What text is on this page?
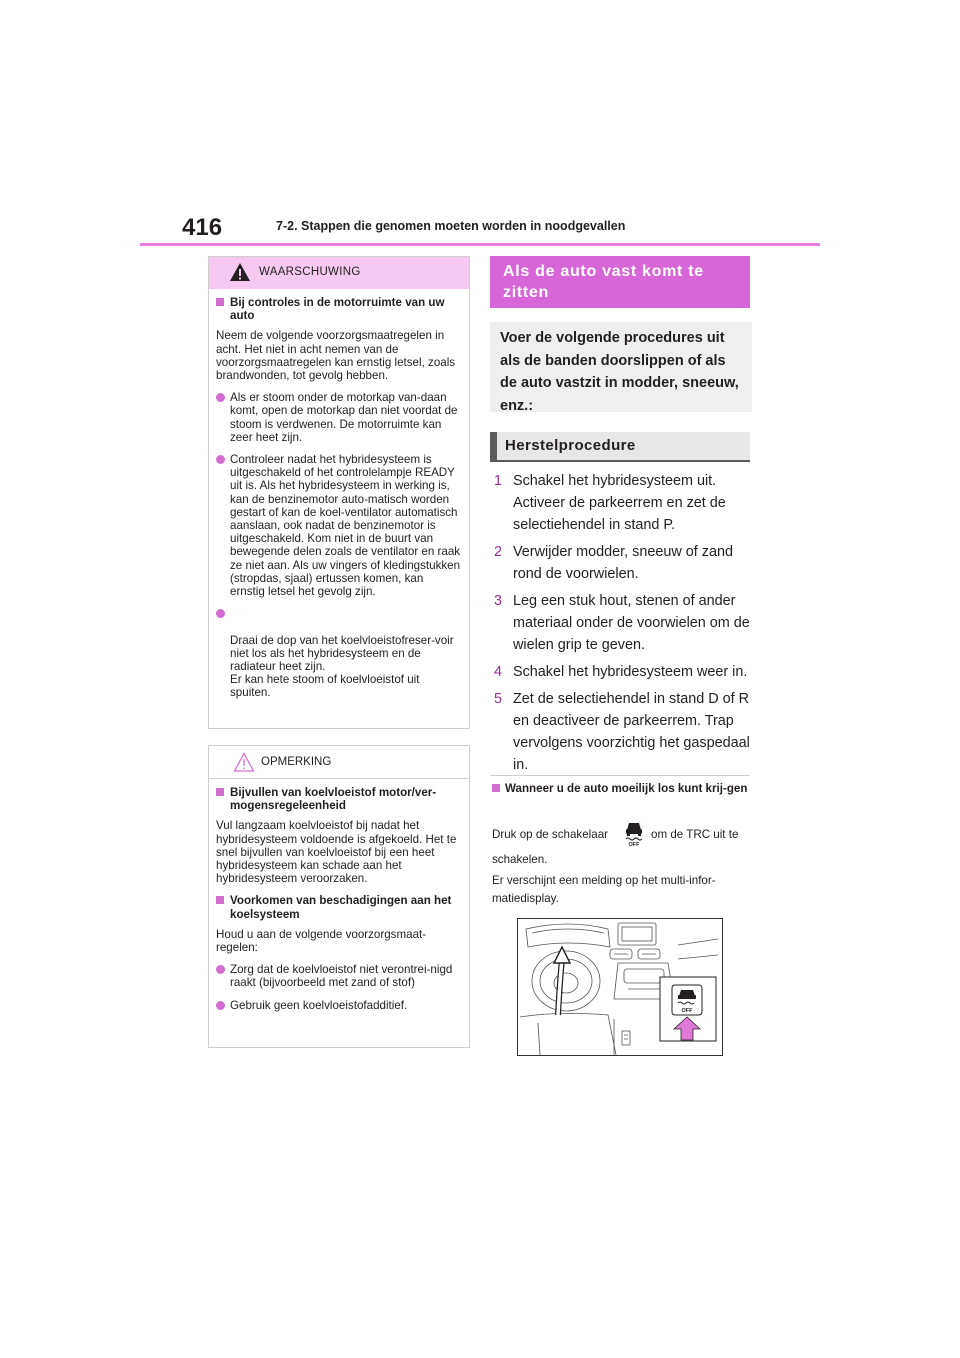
416	7-2. Stappen die genomen moeten worden in noodgevallen
WAARSCHUWING
Bij controles in de motorruimte van uw auto
Neem de volgende voorzorgsmaatregelen in acht. Het niet in acht nemen van de voorzorgsmaatregelen kan ernstig letsel, zoals brandwonden, tot gevolg hebben.
Als er stoom onder de motorkap van-daan komt, open de motorkap dan niet voordat de stoom is verdwenen. De motorruimte kan zeer heet zijn.
Controleer nadat het hybridesysteem is uitgeschakeld of het controlelampje READY uit is. Als het hybridesysteem in werking is, kan de benzinemotor auto-matisch worden gestart of kan de koel-ventilator automatisch aanslaan, ook nadat de benzinemotor is uitgeschakeld. Kom niet in de buurt van bewegende delen zoals de ventilator en raak ze niet aan. Als uw vingers of kledingstukken (stropdas, sjaal) ertussen komen, kan ernstig letsel het gevolg zijn.

Draai de dop van het koelvloeistofreser-voir niet los als het hybridesysteem en de radiateur heet zijn.
Er kan hete stoom of koelvloeistof uit spuiten.

OPMERKING
Bijvullen van koelvloeistof motor/ver-mogensregeleenheid
Vul langzaam koelvloeistof bij nadat het hybridesysteem voldoende is afgekoeld. Het te snel bijvullen van koelvloeistof bij een heet hybridesysteem kan schade aan het hybridesysteem veroorzaken.
Voorkomen van beschadigingen aan het koelsysteem
Houd u aan de volgende voorzorgsmaat-regelen:
Zorg dat de koelvloeistof niet verontrei-nigd raakt (bijvoorbeeld met zand of stof)
Gebruik geen koelvloeistofadditief.
Als de auto vast komt te zitten
Voer de volgende procedures uit als de banden doorslippen of als de auto vastzit in modder, sneeuw, enz.:
Herstelprocedure
1 Schakel het hybridesysteem uit. Activeer de parkeerrem en zet de selectiehendel in stand P.
2 Verwijder modder, sneeuw of zand rond de voorwielen.
3 Leg een stuk hout, stenen of ander materiaal onder de voorwielen om de wielen grip te geven.
4 Schakel het hybridesysteem weer in.
5 Zet de selectiehendel in stand D of R en deactiveer de parkeerrem. Trap vervolgens voorzichtig het gaspedaal in.
Wanneer u de auto moeilijk los kunt krij-gen
Druk op de schakelaar
OFF
om de TRC uit te
schakelen.
Er verschijnt een melding op het multi-infor-matiedisplay.
OFF
